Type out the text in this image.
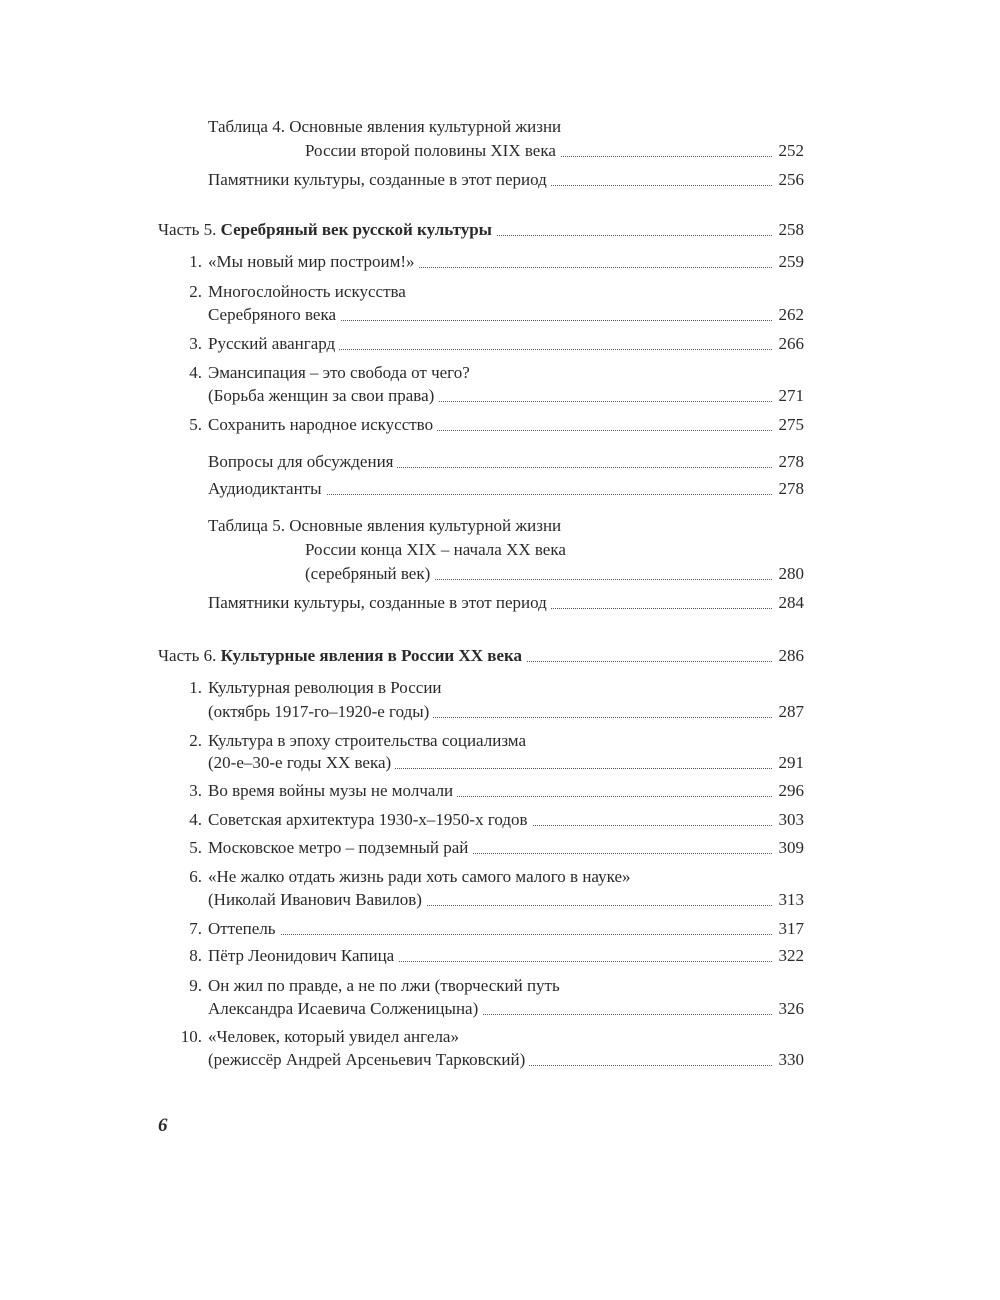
Таблица 4. Основные явления культурной жизни
России второй половины XIX века	252
Памятники культуры, созданные в этот период	256
Часть 5. Серебряный век русской культуры	258
1. «Мы новый мир построим!»	259
2. Многослойность искусства
Серебряного века	262
3. Русский авангард	266
4. Эмансипация – это свобода от чего?
(Борьба женщин за свои права)	271
5. Сохранить народное искусство	275
Вопросы для обсуждения	278
Аудиодиктанты	278
Таблица 5. Основные явления культурной жизни
России конца XIX – начала XX века
(серебряный век)	280
Памятники культуры, созданные в этот период	284
Часть 6. Культурные явления в России XX века	286
1. Культурная революция в России
(октябрь 1917-го–1920-е годы)	287
2. Культура в эпоху строительства социализма
(20-е–30-е годы XX века)	291
3. Во время войны музы не молчали	296
4. Советская архитектура 1930-х–1950-х годов	303
5. Московское метро – подземный рай	309
6. «Не жалко отдать жизнь ради хоть самого малого в науке»
(Николай Иванович Вавилов)	313
7. Оттепель	317
8. Пётр Леонидович Капица	322
9. Он жил по правде, а не по лжи (творческий путь
Александра Исаевича Солженицына)	326
10. «Человек, который увидел ангела»
(режиссёр Андрей Арсеньевич Тарковский)	330
6
